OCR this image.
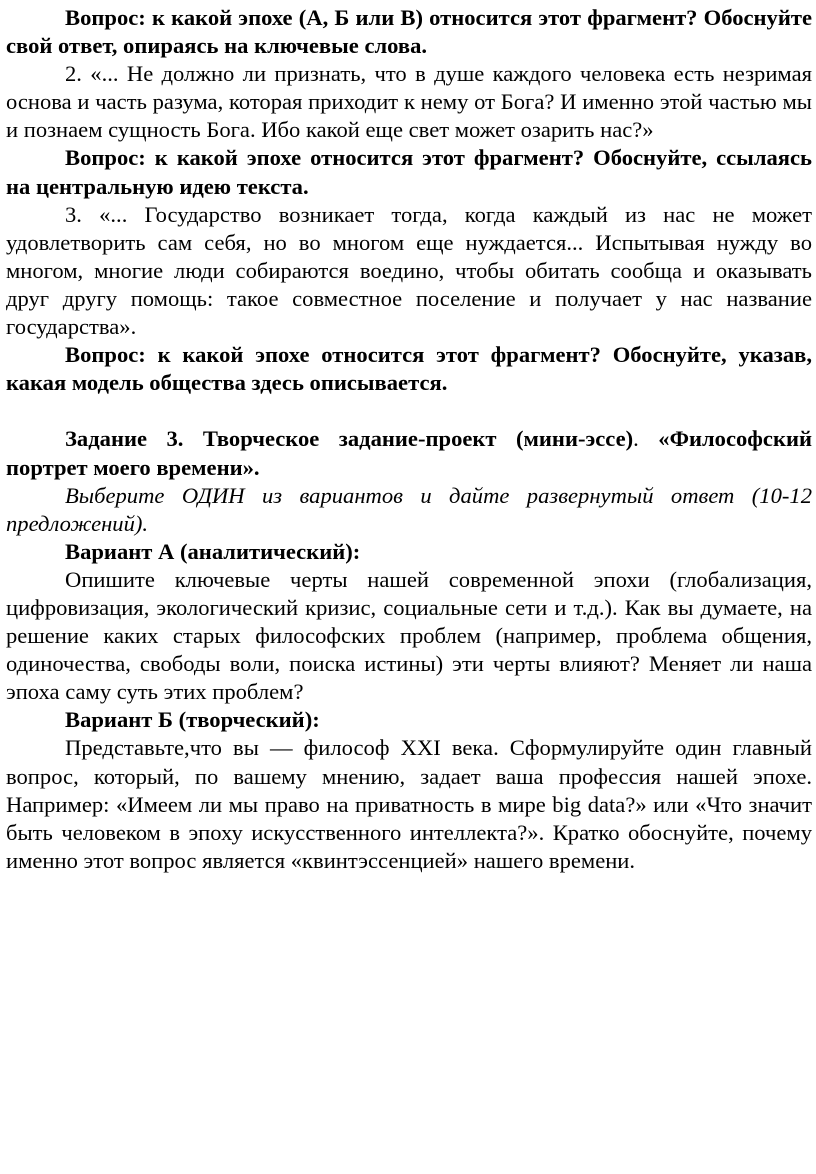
Вопрос: к какой эпохе (А, Б или В) относится этот фрагмент? Обоснуйте свой ответ, опираясь на ключевые слова.

2. «... Не должно ли признать, что в душе каждого человека есть незримая основа и часть разума, которая приходит к нему от Бога? И именно этой частью мы и познаем сущность Бога. Ибо какой еще свет может озарить нас?»

Вопрос: к какой эпохе относится этот фрагмент? Обоснуйте, ссылаясь на центральную идею текста.

3. «... Государство возникает тогда, когда каждый из нас не может удовлетворить сам себя, но во многом еще нуждается... Испытывая нужду во многом, многие люди собираются воедино, чтобы обитать сообща и оказывать друг другу помощь: такое совместное поселение и получает у нас название государства».

Вопрос: к какой эпохе относится этот фрагмент? Обоснуйте, указав, какая модель общества здесь описывается.

Задание 3. Творческое задание-проект (мини-эссе). «Философский портрет моего времени».

Выберите ОДИН из вариантов и дайте развернутый ответ (10-12 предложений).

Вариант А (аналитический):

Опишите ключевые черты нашей современной эпохи (глобализация, цифровизация, экологический кризис, социальные сети и т.д.). Как вы думаете, на решение каких старых философских проблем (например, проблема общения, одиночества, свободы воли, поиска истины) эти черты влияют? Меняет ли наша эпоха саму суть этих проблем?

Вариант Б (творческий):

Представьте,что вы — философ XXI века. Сформулируйте один главный вопрос, который, по вашему мнению, задает ваша профессия нашей эпохе. Например: «Имеем ли мы право на приватность в мире big data?» или «Что значит быть человеком в эпоху искусственного интеллекта?». Кратко обоснуйте, почему именно этот вопрос является «квинтэссенцией» нашего времени.
